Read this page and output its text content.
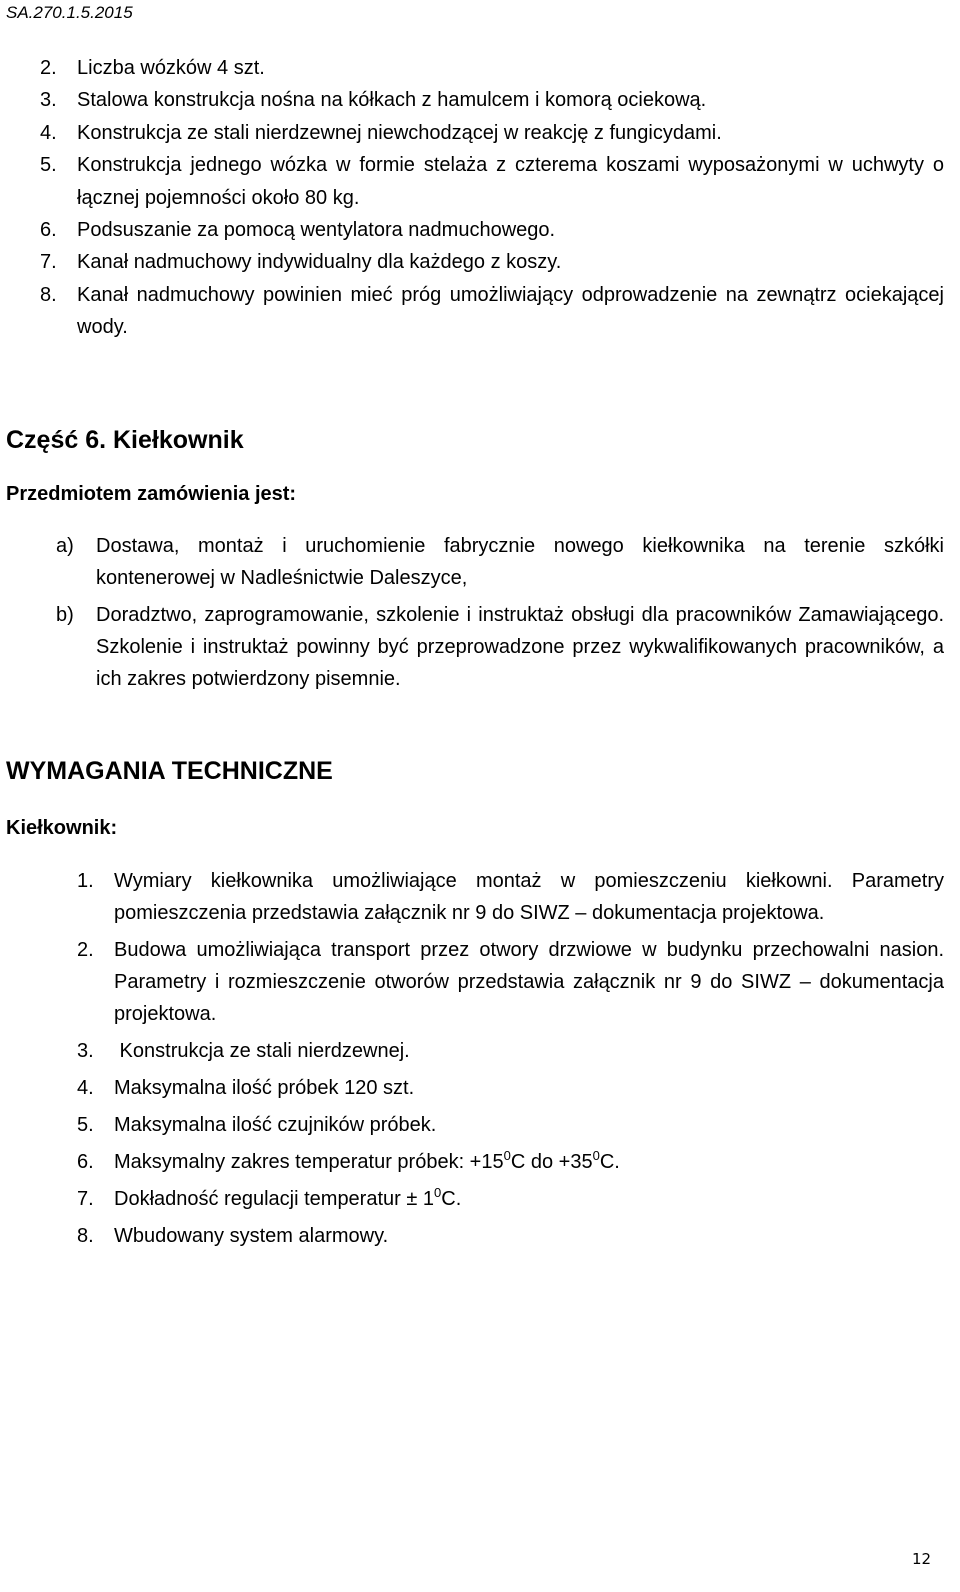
SA.270.1.5.2015
2. Liczba wózków 4 szt.
3. Stalowa konstrukcja nośna na kółkach z hamulcem i komorą ociekową.
4. Konstrukcja ze stali nierdzewnej niewchodzącej w reakcję z fungicydami.
5. Konstrukcja jednego wózka w formie stelaża z czterema koszami wyposażonymi w uchwyty o łącznej pojemności około 80 kg.
6. Podsuszanie za pomocą wentylatora nadmuchowego.
7. Kanał nadmuchowy indywidualny dla każdego z koszy.
8. Kanał nadmuchowy powinien mieć próg umożliwiający odprowadzenie na zewnątrz ociekającej wody.
Część 6. Kiełkownik
Przedmiotem zamówienia jest:
a) Dostawa, montaż i uruchomienie fabrycznie nowego kiełkownika na terenie szkółki kontenerowej w Nadleśnictwie Daleszyce,
b) Doradztwo, zaprogramowanie, szkolenie i instruktaż obsługi dla pracowników Zamawiającego. Szkolenie i instruktaż powinny być przeprowadzone przez wykwalifikowanych pracowników, a ich zakres potwierdzony pisemnie.
WYMAGANIA TECHNICZNE
Kiełkownik:
1. Wymiary kiełkownika umożliwiające montaż w pomieszczeniu kiełkowni. Parametry pomieszczenia przedstawia załącznik nr 9 do SIWZ – dokumentacja projektowa.
2. Budowa umożliwiająca transport przez otwory drzwiowe w budynku przechowalni nasion. Parametry i rozmieszczenie otworów przedstawia załącznik nr 9 do SIWZ – dokumentacja projektowa.
3. Konstrukcja ze stali nierdzewnej.
4. Maksymalna ilość próbek 120 szt.
5. Maksymalna ilość czujników próbek.
6. Maksymalny zakres temperatur próbek: $+15^0C$ do $+35^0C$.
7. Dokładność regulacji temperatur ± $1^0C$.
8. Wbudowany system alarmowy.
12
